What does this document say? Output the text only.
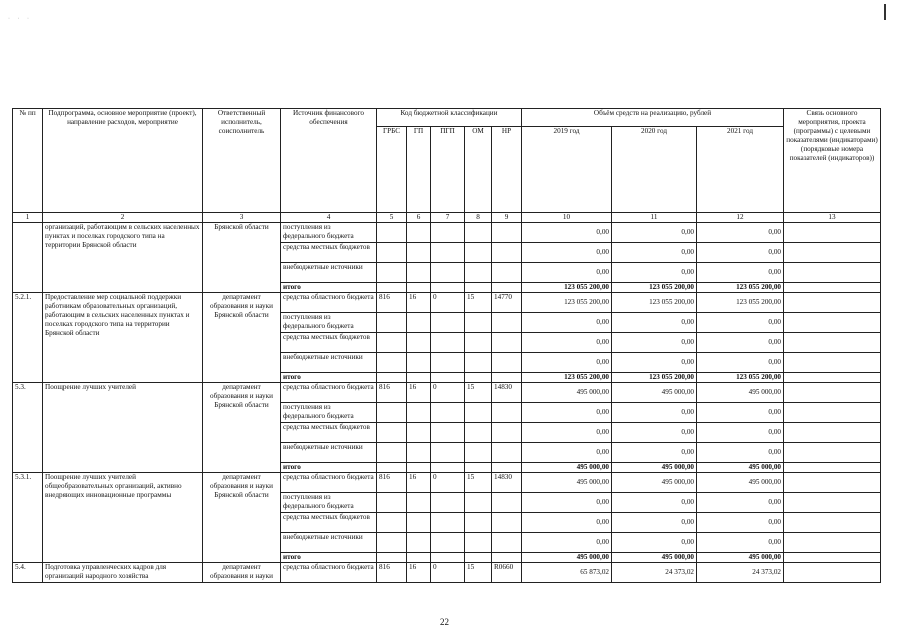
· · ·
№ пп	Подпрограмма, основное мероприятие (проект), направление расходов, мероприятие	Ответственный исполнитель, соисполнитель	Источник финансового обеспечения	Код бюджетной классификации					Объём средств на реализацию, рублей			Связь основного мероприятия, проекта (программы) с целевыми показателями (индикаторами) (порядковые номера показателей (индикаторов))
				ГРБС	ГП	ПГП	ОМ	НР	2019 год	2020 год	2021 год	
1	2	3	4	5	6	7	8	9	10	11	12	13
	организаций, работающим в сельских населенных пунктах и поселках городского типа на территории Брянской области	Брянской области	поступления из федерального бюджета						0,00	0,00	0,00	
			средства местных бюджетов						0,00	0,00	0,00	
			внебюджетные источники						0,00	0,00	0,00	
			итого						123 055 200,00	123 055 200,00	123 055 200,00	
5.2.1.	Предоставление мер социальной поддержки работникам образовательных организаций, работающим в сельских населенных пунктах и поселках городского типа на территории Брянской области	департамент образования и науки Брянской области	средства областного бюджета	816	16	0	15	14770	123 055 200,00	123 055 200,00	123 055 200,00	
			поступления из федерального бюджета						0,00	0,00	0,00	
			средства местных бюджетов						0,00	0,00	0,00	
			внебюджетные источники						0,00	0,00	0,00	
			итого						123 055 200,00	123 055 200,00	123 055 200,00	
5.3.	Поощрение лучших учителей	департамент образования и науки Брянской области	средства областного бюджета	816	16	0	15	14830	495 000,00	495 000,00	495 000,00	
			поступления из федерального бюджета						0,00	0,00	0,00	
			средства местных бюджетов						0,00	0,00	0,00	
			внебюджетные источники						0,00	0,00	0,00	
			итого						495 000,00	495 000,00	495 000,00	
5.3.1.	Поощрение лучших учителей общеобразовательных организаций, активно внедряющих инновационные программы	департамент образования и науки Брянской области	средства областного бюджета	816	16	0	15	14830	495 000,00	495 000,00	495 000,00	
			поступления из федерального бюджета						0,00	0,00	0,00	
			средства местных бюджетов						0,00	0,00	0,00	
			внебюджетные источники						0,00	0,00	0,00	
			итого						495 000,00	495 000,00	495 000,00	
5.4.	Подготовка управленческих кадров для организаций народного хозяйства	департамент образования и науки	средства областного бюджета	816	16	0	15	R0660	65 873,02	24 373,02	24 373,02	
22
